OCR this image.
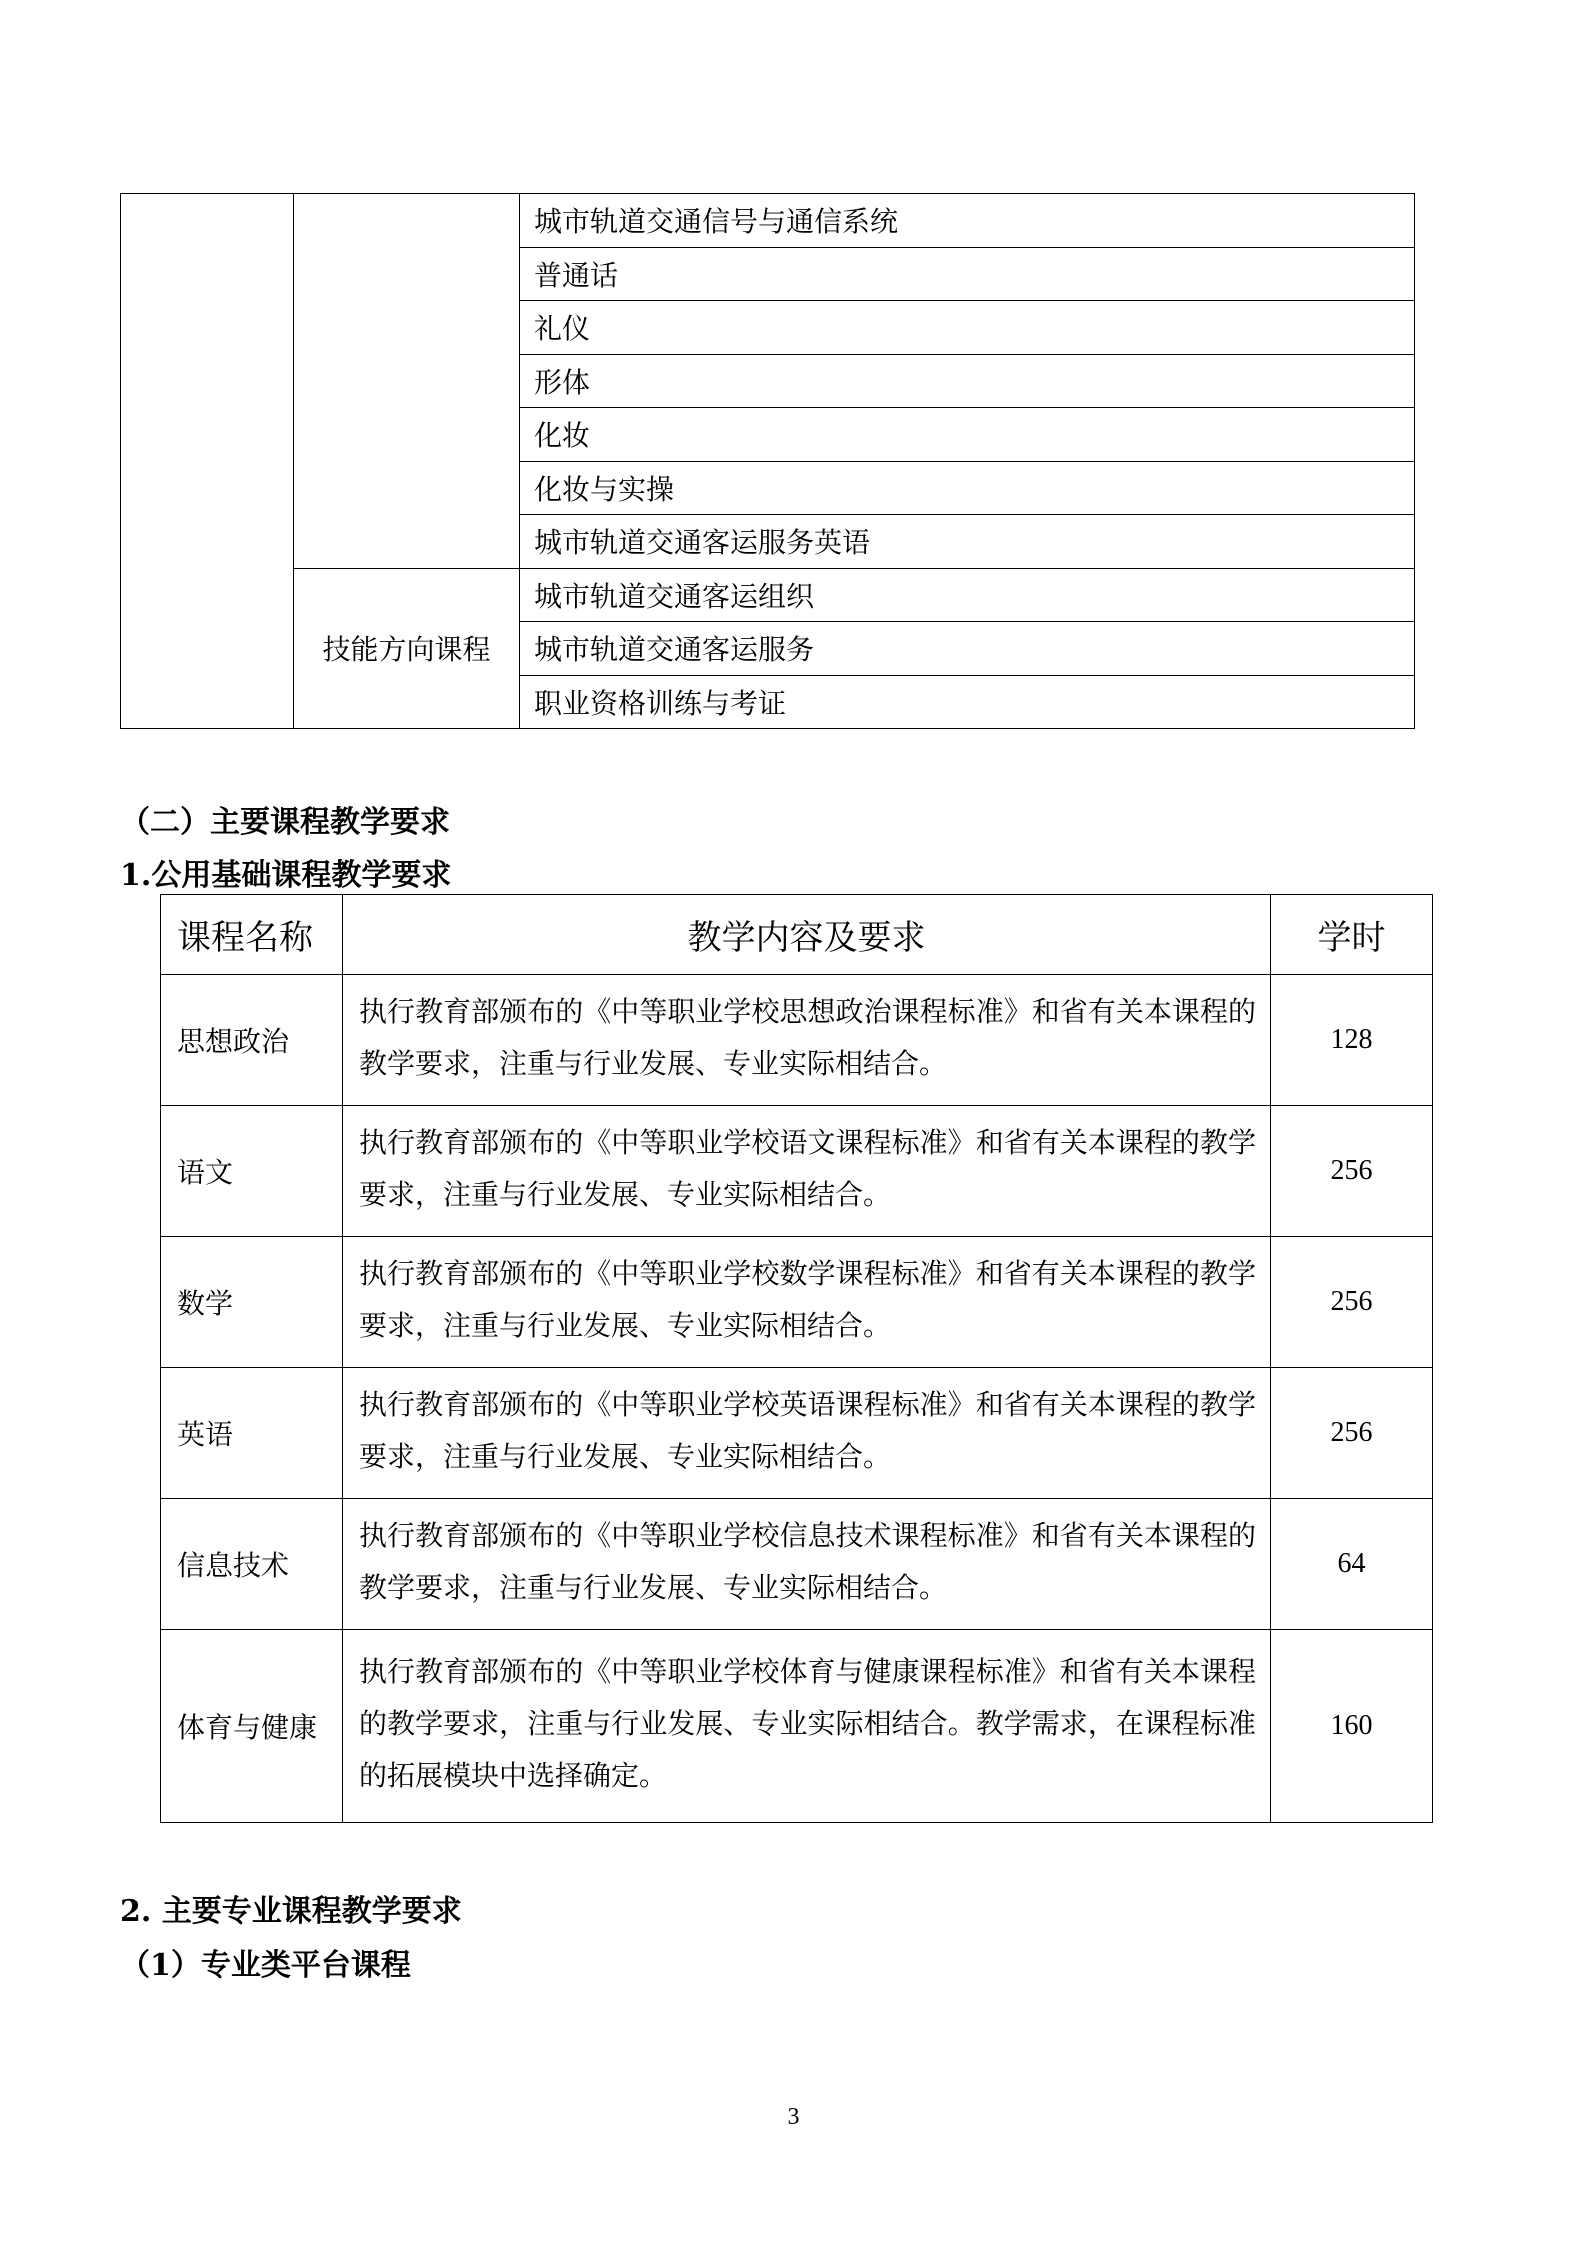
		城市轨道交通信号与通信系统
		普通话
		礼仪
		形体
		化妆
		化妆与实操
		城市轨道交通客运服务英语
	技能方向课程	城市轨道交通客运组织
		城市轨道交通客运服务
		职业资格训练与考证
（二）主要课程教学要求
1.公用基础课程教学要求
课程名称	教学内容及要求	学时
思想政治	执行教育部颁布的《中等职业学校思想政治课程标准》和省有关本课程的教学要求，注重与行业发展、专业实际相结合。	128
语文	执行教育部颁布的《中等职业学校语文课程标准》和省有关本课程的教学要求，注重与行业发展、专业实际相结合。	256
数学	执行教育部颁布的《中等职业学校数学课程标准》和省有关本课程的教学要求，注重与行业发展、专业实际相结合。	256
英语	执行教育部颁布的《中等职业学校英语课程标准》和省有关本课程的教学要求，注重与行业发展、专业实际相结合。	256
信息技术	执行教育部颁布的《中等职业学校信息技术课程标准》和省有关本课程的教学要求，注重与行业发展、专业实际相结合。	64
体育与健康	执行教育部颁布的《中等职业学校体育与健康课程标准》和省有关本课程的教学要求，注重与行业发展、专业实际相结合。教学需求，在课程标准的拓展模块中选择确定。	160
2. 主要专业课程教学要求
（1）专业类平台课程
3
